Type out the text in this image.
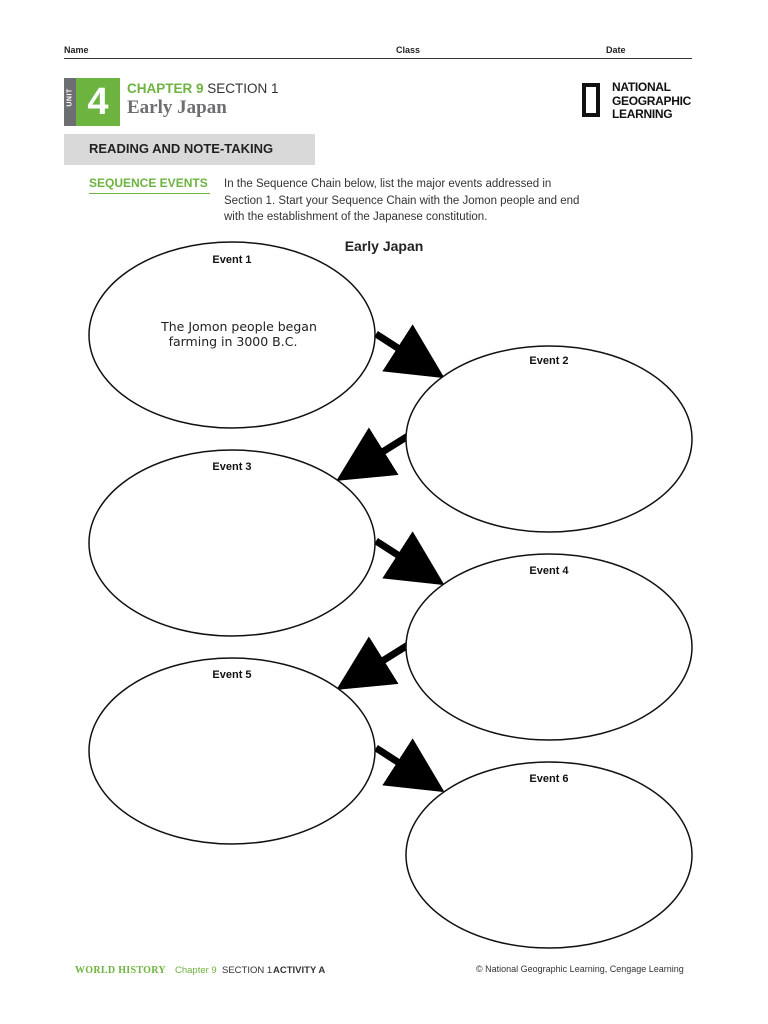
Name	Class	Date
UNIT 4	CHAPTER 9 SECTION 1
Early Japan
NATIONAL
GEOGRAPHIC
LEARNING
READING AND NOTE-TAKING
SEQUENCE EVENTS In the Sequence Chain below, list the major events addressed in Section 1. Start your Sequence Chain with the Jomon people and end with the establishment of the Japanese constitution.
Early Japan
Event 1
Event 2
Event 3
Event 4
Event 5
Event 6
The Jomon people began
farming in 3000 B.C.
WORLD HISTORY Chapter 9 SECTION 1 ACTIVITY A	© National Geographic Learning, Cengage Learning
